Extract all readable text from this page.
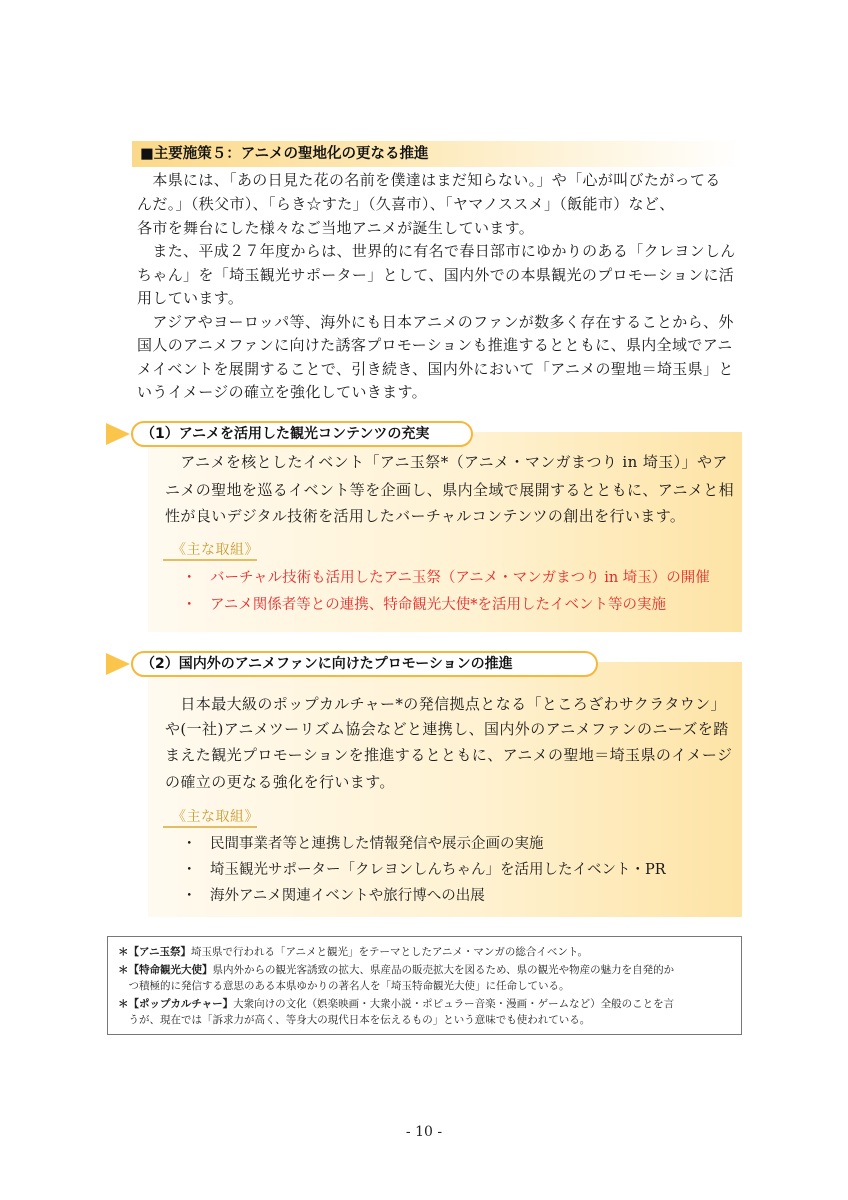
■主要施策５：アニメの聖地化の更なる推進
　本県には、「あの日見た花の名前を僕達はまだ知らない。」や「心が叫びたがってる
んだ。」（秩父市）、「らき☆すた」（久喜市）、「ヤマノススメ」（飯能市）など、
各市を舞台にした様々なご当地アニメが誕生しています。
　また、平成２７年度からは、世界的に有名で春日部市にゆかりのある「クレヨンしん
ちゃん」を「埼玉観光サポーター」として、国内外での本県観光のプロモーションに活
用しています。
　アジアやヨーロッパ等、海外にも日本アニメのファンが数多く存在することから、外
国人のアニメファンに向けた誘客プロモーションも推進するとともに、県内全域でアニ
メイベントを展開することで、引き続き、国内外において「アニメの聖地＝埼玉県」と
いうイメージの確立を強化していきます。
（1）アニメを活用した観光コンテンツの充実
　アニメを核としたイベント「アニ玉祭*（アニメ・マンガまつり in 埼玉）」やア
ニメの聖地を巡るイベント等を企画し、県内全域で展開するとともに、アニメと相
性が良いデジタル技術を活用したバーチャルコンテンツの創出を行います。
《主な取組》
・ バーチャル技術も活用したアニ玉祭（アニメ・マンガまつり in 埼玉）の開催
・ アニメ関係者等との連携、特命観光大使*を活用したイベント等の実施
（2）国内外のアニメファンに向けたプロモーションの推進
　日本最大級のポップカルチャー*の発信拠点となる「ところざわサクラタウン」
や(一社)アニメツーリズム協会などと連携し、国内外のアニメファンのニーズを踏
まえた観光プロモーションを推進するとともに、アニメの聖地＝埼玉県のイメージ
の確立の更なる強化を行います。
《主な取組》
・ 民間事業者等と連携した情報発信や展示企画の実施
・ 埼玉観光サポーター「クレヨンしんちゃん」を活用したイベント・PR
・ 海外アニメ関連イベントや旅行博への出展
＊【アニ玉祭】埼玉県で行われる「アニメと観光」をテーマとしたアニメ・マンガの総合イベント。
＊【特命観光大使】県内外からの観光客誘致の拡大、県産品の販売拡大を図るため、県の観光や物産の魅力を自発的か
　つ積極的に発信する意思のある本県ゆかりの著名人を「埼玉特命観光大使」に任命している。
＊【ポップカルチャー】大衆向けの文化（娯楽映画・大衆小説・ポピュラー音楽・漫画・ゲームなど）全般のことを言
　うが、現在では「訴求力が高く、等身大の現代日本を伝えるもの」という意味でも使われている。
- 10 -
